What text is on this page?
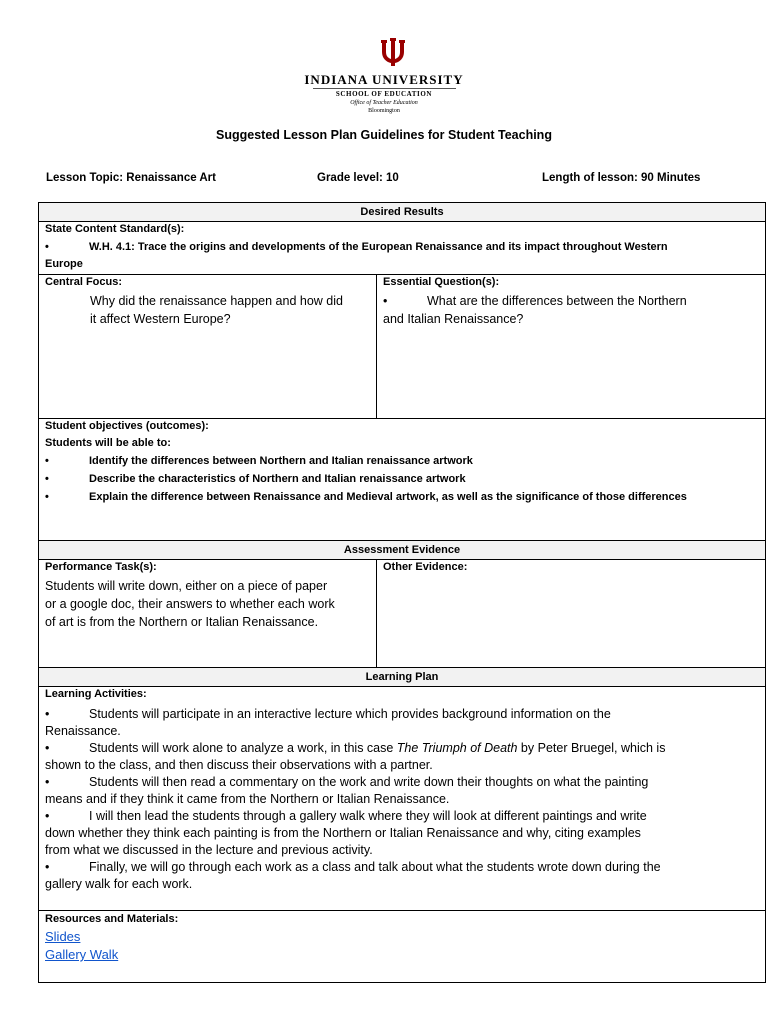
INDIANA UNIVERSITY
SCHOOL OF EDUCATION
Office of Teacher Education
Bloomington
Suggested Lesson Plan Guidelines for Student Teaching
Lesson Topic: Renaissance Art	Grade level: 10	Length of lesson: 90 Minutes
Desired Results
State Content Standard(s):
•	W.H. 4.1: Trace the origins and developments of the European Renaissance and its impact throughout Western
Europe
Central Focus:
Why did the renaissance happen and how did
it affect Western Europe?
Essential Question(s):
•	What are the differences between the Northern
and Italian Renaissance?
Student objectives (outcomes):
Students will be able to:
•	Identify the differences between Northern and Italian renaissance artwork
•	Describe the characteristics of Northern and Italian renaissance artwork
•	Explain the difference between Renaissance and Medieval artwork, as well as the significance of those differences
Assessment Evidence
Performance Task(s):
Students will write down, either on a piece of paper
or a google doc, their answers to whether each work
of art is from the Northern or Italian Renaissance.
Other Evidence:
Learning Plan
Learning Activities:
•	Students will participate in an interactive lecture which provides background information on the
Renaissance.
•	Students will work alone to analyze a work, in this case The Triumph of Death by Peter Bruegel, which is
shown to the class, and then discuss their observations with a partner.
•	Students will then read a commentary on the work and write down their thoughts on what the painting
means and if they think it came from the Northern or Italian Renaissance.
•	I will then lead the students through a gallery walk where they will look at different paintings and write
down whether they think each painting is from the Northern or Italian Renaissance and why, citing examples
from what we discussed in the lecture and previous activity.
•	Finally, we will go through each work as a class and talk about what the students wrote down during the
gallery walk for each work.
Resources and Materials:
Slides
Gallery Walk
